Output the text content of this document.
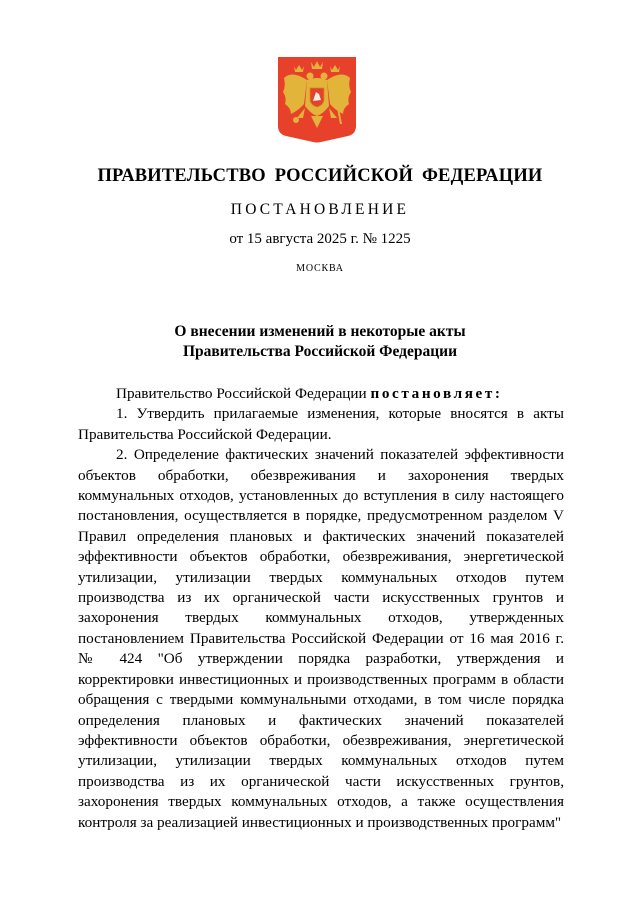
ПРАВИТЕЛЬСТВО РОССИЙСКОЙ ФЕДЕРАЦИИ
ПОСТАНОВЛЕНИЕ
от 15 августа 2025 г. № 1225
МОСКВА
О внесении изменений в некоторые акты
Правительства Российской Федерации

Правительство Российской Федерации постановляет:

1. Утвердить прилагаемые изменения, которые вносятся в акты Правительства Российской Федерации.

2. Определение фактических значений показателей эффективности объектов обработки, обезвреживания и захоронения твердых коммунальных отходов, установленных до вступления в силу настоящего постановления, осуществляется в порядке, предусмотренном разделом V Правил определения плановых и фактических значений показателей эффективности объектов обработки, обезвреживания, энергетической утилизации, утилизации твердых коммунальных отходов путем производства из их органической части искусственных грунтов и захоронения твердых коммунальных отходов, утвержденных постановлением Правительства Российской Федерации от 16 мая 2016 г. № 424 "Об утверждении порядка разработки, утверждения и корректировки инвестиционных и производственных программ в области обращения с твердыми коммунальными отходами, в том числе порядка определения плановых и фактических значений показателей эффективности объектов обработки, обезвреживания, энергетической утилизации, утилизации твердых коммунальных отходов путем производства из их органической части искусственных грунтов, захоронения твердых коммунальных отходов, а также осуществления контроля за реализацией инвестиционных и производственных программ"
